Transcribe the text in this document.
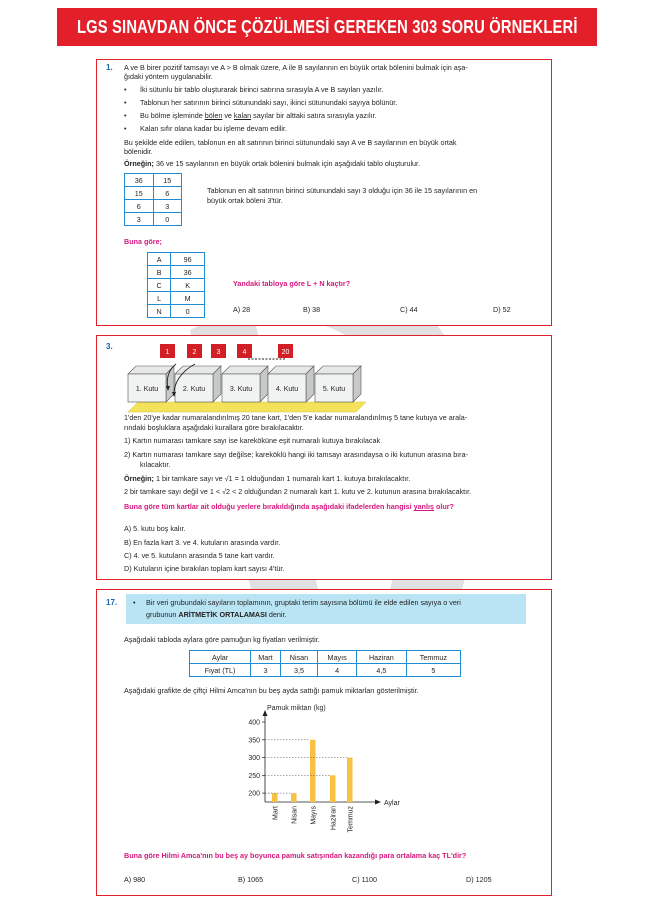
LGS SINAVDAN ÖNCE ÇÖZÜLMESİ GEREKEN 303 SORU ÖRNEKLERİ
1. A ve B birer pozitif tamsayı ve A > B olmak üzere, A ile B sayılarının en büyük ortak bölenini bulmak için aşa-
ğıdaki yöntem uygulanabilir.
• İki sütunlu bir tablo oluşturarak birinci satırına sırasıyla A ve B sayıları yazılır.
• Tablonun her satırının birinci sütunundaki sayı, ikinci sütunundaki sayıya bölünür.
• Bu bölme işleminde bölen ve kalan sayılar bir alttaki satıra sırasıyla yazılır.
• Kalan sıfır olana kadar bu işleme devam edilir.
Bu şekilde elde edilen, tablonun en alt satırının birinci sütunundaki sayı A ve B sayılarının en büyük ortak
bölenidir.
Örneğin; 36 ve 15 sayılarının en büyük ortak bölenini bulmak için aşağıdaki tablo oluşturulur.
36	15
15	6
6	3
3	0
Tablonun en alt satırının birinci sütunundaki sayı 3 olduğu için 36 ile 15 sayılarının en
büyük ortak böleni 3'tür.
Buna göre;
A	96
B	36
C	K
L	M
N	0
Yandaki tabloya göre L + N kaçtır?
A) 28	B) 38	C) 44	D) 52
3.
1. Kutu	2. Kutu	3. Kutu	4. Kutu	5. Kutu
1	2	3	4	20
1'den 20'ye kadar numaralandırılmış 20 tane kart, 1'den 5'e kadar numaralandırılmış 5 tane kutuya ve arala-
rındaki boşluklara aşağıdaki kurallara göre bırakılacaktır.
1) Kartın numarası tamkare sayı ise kareköküne eşit numaralı kutuya bırakılacak
2) Kartın numarası tamkare sayı değilse; kareköklü hangi iki tamsayı arasındaysa o iki kutunun arasına bıra-
kılacaktır.
Örneğin; 1 bir tamkare sayı ve √1 = 1 olduğundan 1 numaralı kart 1. kutuya bırakılacaktır.
2 bir tamkare sayı değil ve 1 < √2 < 2 olduğundan 2 numaralı kart 1. kutu ve 2. kutunun arasına bırakılacaktır.
Buna göre tüm kartlar ait olduğu yerlere bırakıldığında aşağıdaki ifadelerden hangisi yanlış olur?
A) 5. kutu boş kalır.
B) En fazla kart 3. ve 4. kutuların arasında vardır.
C) 4. ve 5. kutuların arasında 5 tane kart vardır.
D) Kutuların içine bırakılan toplam kart sayısı 4'tür.
17. • Bir veri grubundaki sayıların toplamının, gruptaki terim sayısına bölümü ile elde edilen sayıya o veri
grubunun ARİTMETİK ORTALAMASI denir.
Aşağıdaki tabloda aylara göre pamuğun kg fiyatları verilmiştir.
Aylar	Mart	Nisan	Mayıs	Haziran	Temmuz
Fiyat (TL)	3	3,5	4	4,5	5
Aşağıdaki grafikte de çiftçi Hilmi Amca'nın bu beş ayda sattığı pamuk miktarları gösterilmiştir.
Pamuk miktarı (kg)
Aylar
200
250
300
350
400
Mart Nisan Mayıs Haziran Temmuz
Buna göre Hilmi Amca'nın bu beş ay boyunca pamuk satışından kazandığı para ortalama kaç TL'dir?
A) 980	B) 1065	C) 1100	D) 1205
